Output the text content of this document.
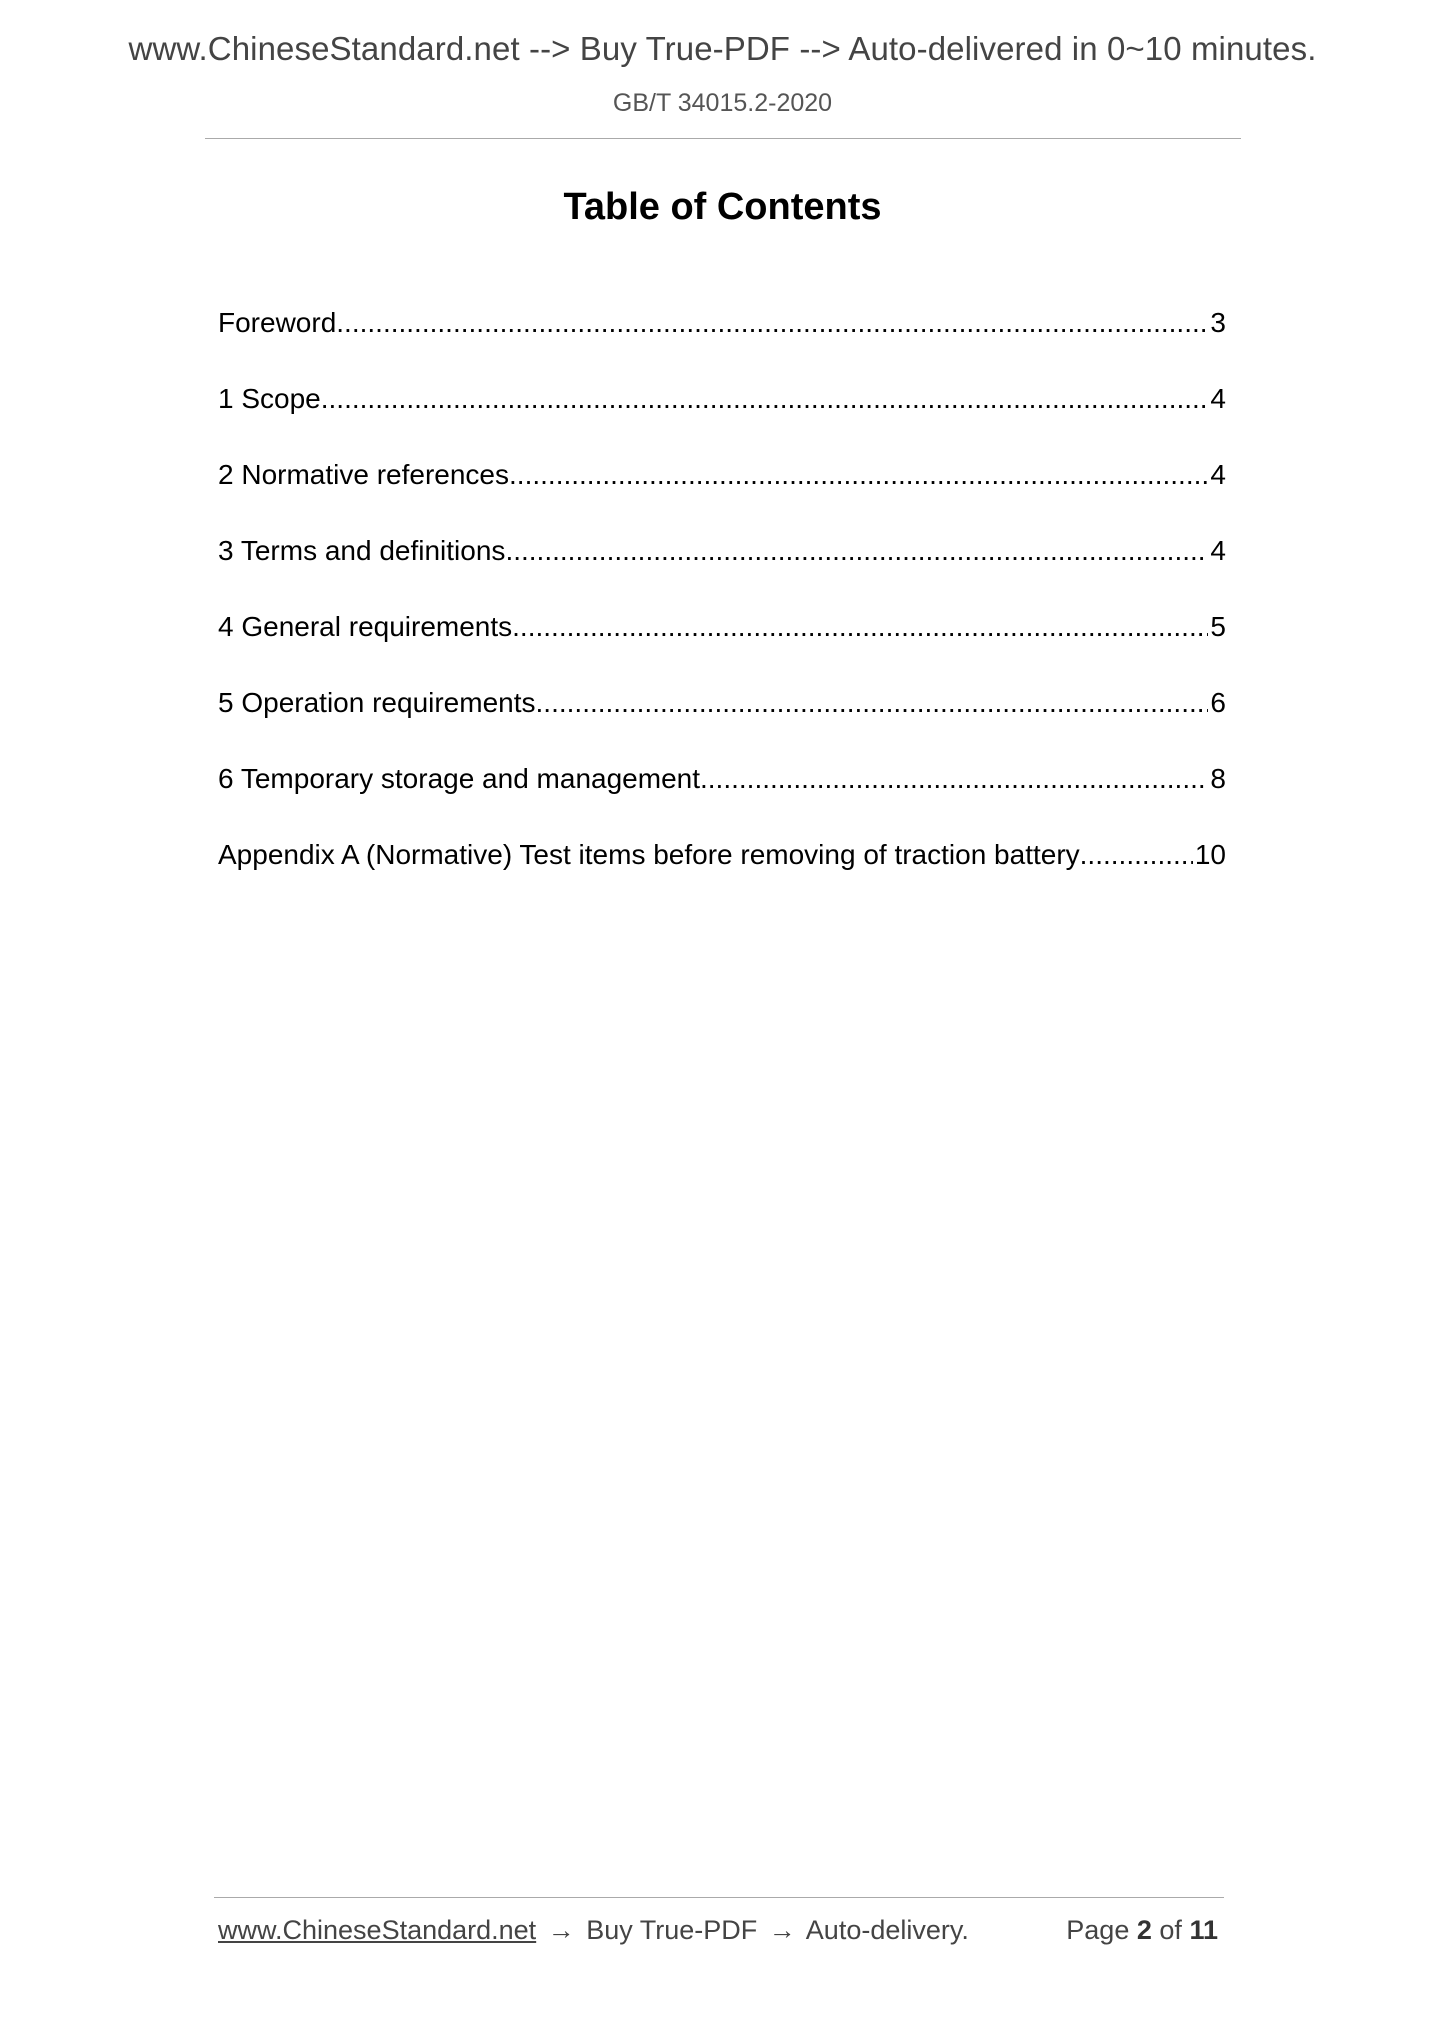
www.ChineseStandard.net --> Buy True-PDF --> Auto-delivered in 0~10 minutes.
GB/T 34015.2-2020
Table of Contents
Foreword .....	3
1 Scope .....	4
2 Normative references .....	4
3 Terms and definitions .....	4
4 General requirements .....	5
5 Operation requirements .....	6
6 Temporary storage and management .....	8
Appendix A (Normative) Test items before removing of traction battery .....	10
www.ChineseStandard.net → Buy True-PDF → Auto-delivery.	Page 2 of 11
